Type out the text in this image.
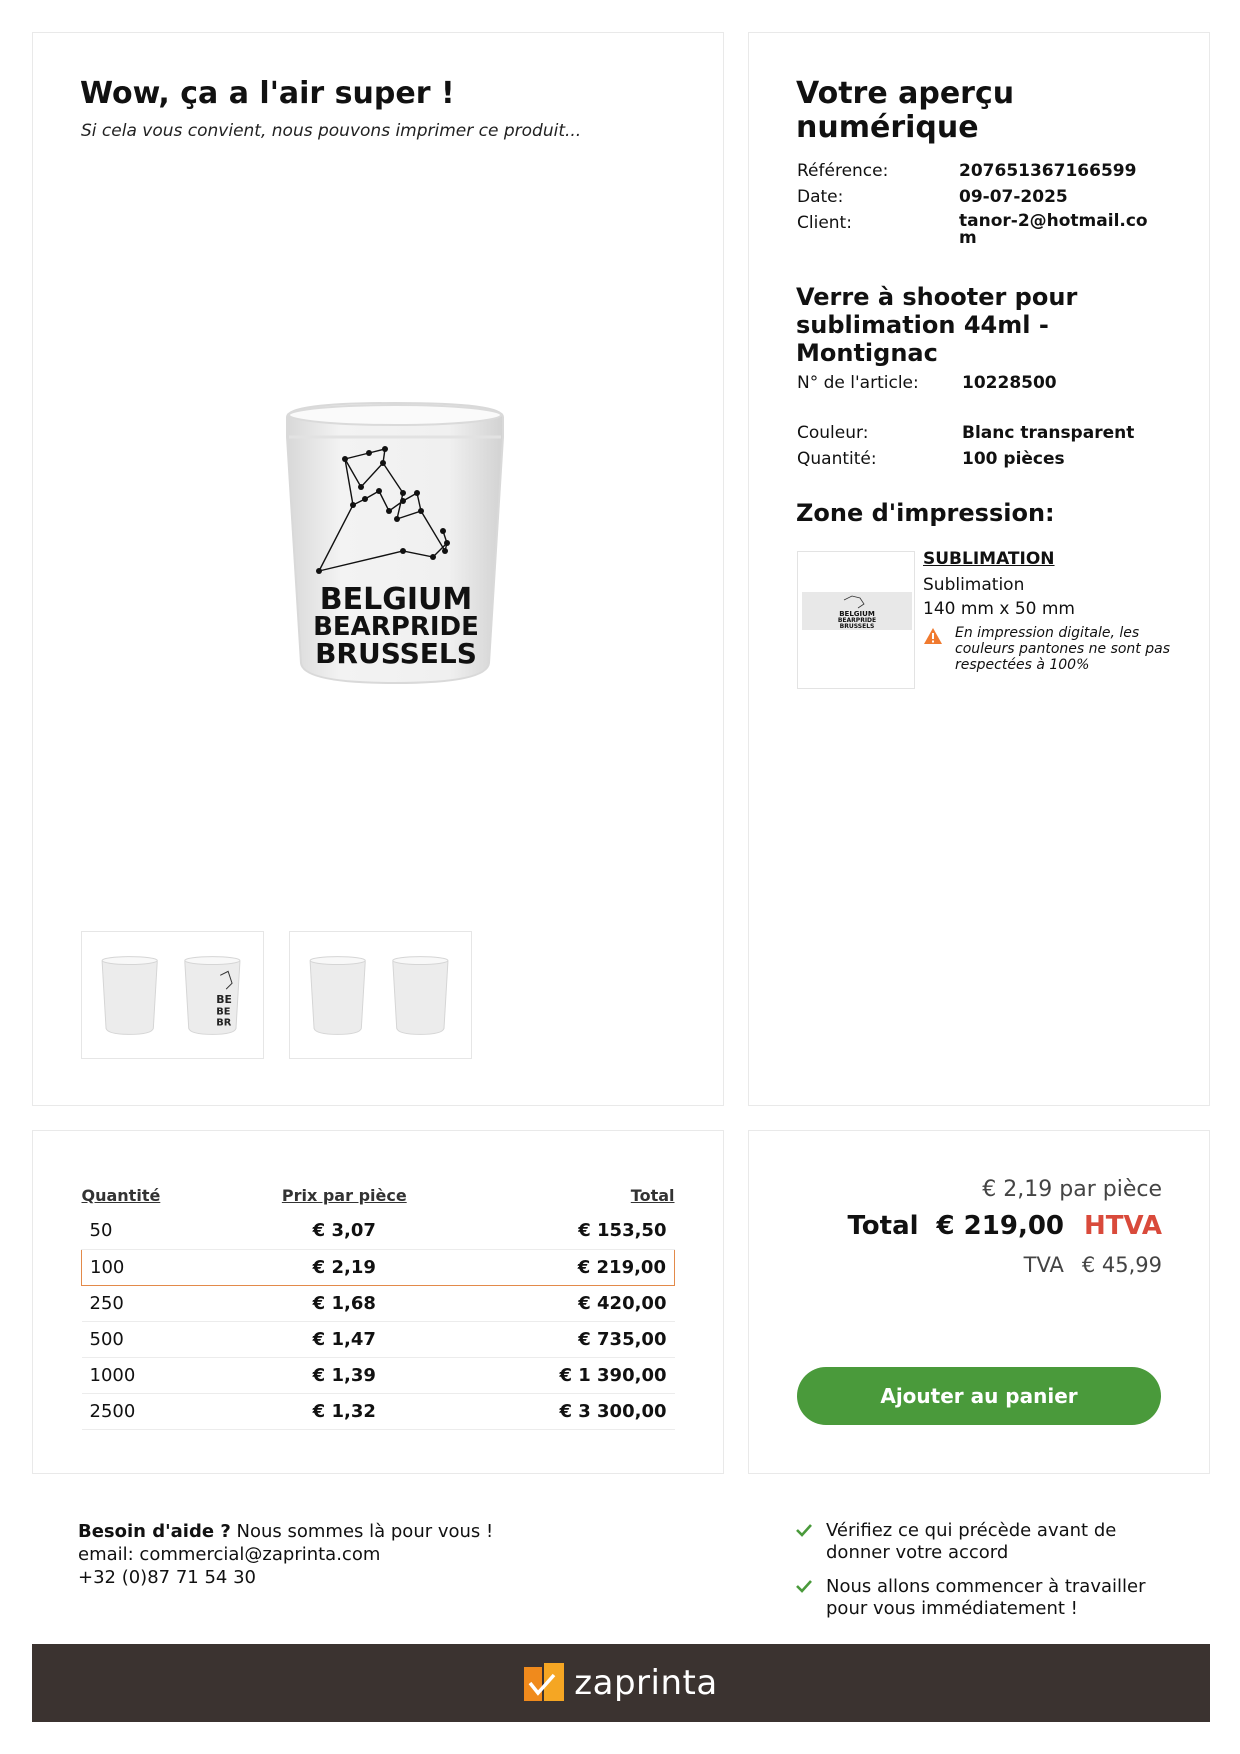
Wow, ça a l'air super !

Si cela vous convient, nous pouvons imprimer ce produit...

BELGIUM
BEARPRIDE
BRUSSELS
BE
BE
BR
Votre aperçu numérique
Référence:	207651367166599
Date:	09-07-2025
Client:	tanor-2@hotmail.com
Verre à shooter pour sublimation 44ml - Montignac
N° de l'article:	10228500
Couleur:	Blanc transparent
Quantité:	100 pièces
Zone d'impression:
BELGIUM
BEARPRIDE
BRUSSELS
SUBLIMATION
Sublimation
140 mm x 50 mm
En impression digitale, les couleurs pantones ne sont pas respectées à 100%
Quantité	Prix par pièce	Total
50	€ 3,07	€ 153,50
100	€ 2,19	€ 219,00
250	€ 1,68	€ 420,00
500	€ 1,47	€ 735,00
1000	€ 1,39	€ 1 390,00
2500	€ 1,32	€ 3 300,00
€ 2,19 par pièce
Total € 219,00 HTVA
TVA € 45,99
Ajouter au panier
Besoin d'aide ? Nous sommes là pour vous !
email: commercial@zaprinta.com
+32 (0)87 71 54 30
Vérifiez ce qui précède avant de donner votre accord
Nous allons commencer à travailler pour vous immédiatement !
zaprinta
